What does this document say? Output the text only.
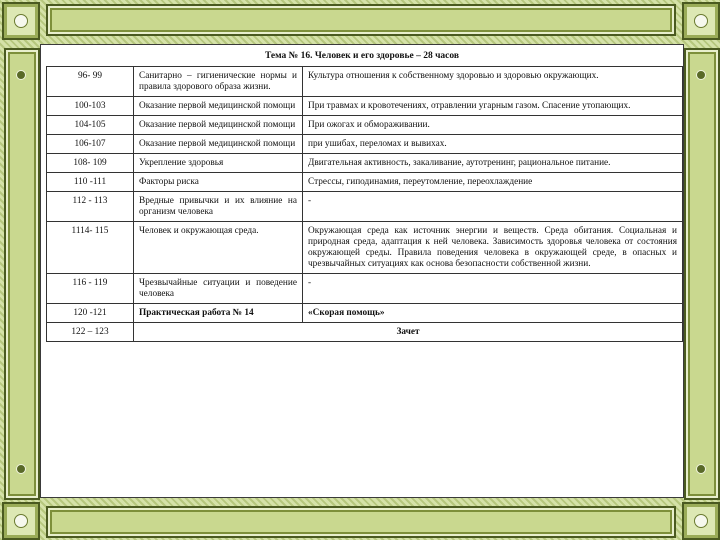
Тема № 16. Человек и его здоровье – 28 часов
96- 99	Санитарно – гигиенические нормы и правила здорового образа жизни.	Культура отношения к собственному здоровью и здоровью окружающих.
100-103	Оказание первой медицинской помощи	При травмах и кровотечениях, отравлении угарным газом. Спасение утопающих.
104-105	Оказание первой медицинской помощи	При ожогах и обмораживании.
106-107	Оказание первой медицинской помощи	при ушибах, переломах и вывихах.
108- 109	Укрепление здоровья	Двигательная активность, закаливание, аутотренинг, рациональное питание.
110 -111	Факторы риска	Стрессы, гиподинамия, переутомление, переохлаждение
112 - 113	Вредные привычки и их влияние на организм человека	-
1114- 115	Человек и окружающая среда.	Окружающая среда как источник энергии и веществ. Среда обитания. Социальная и природная среда, адаптация к ней человека. Зависимость здоровья человека от состояния окружающей среды. Правила поведения человека в окружающей среде, в опасных и чрезвычайных ситуациях как основа безопасности собственной жизни.
116 - 119	Чрезвычайные ситуации и поведение человека	-
120 -121	Практическая работа № 14	«Скорая помощь»
122 – 123	Зачет	
